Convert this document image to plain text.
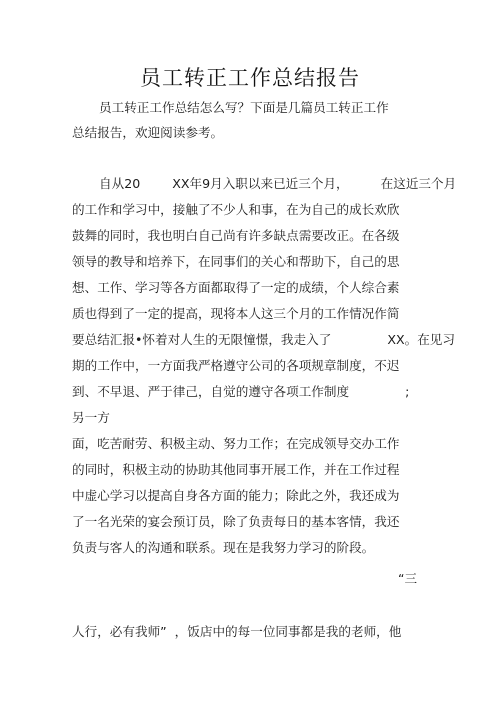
员工转正工作总结报告
员工转正工作总结怎么写？下面是几篇员工转正工作
总结报告，欢迎阅读参考。
自从20        XX年9月入职以来已近三个月，        在这近三个月
的工作和学习中，接触了不少人和事，在为自己的成长欢欣
鼓舞的同时，我也明白自己尚有许多缺点需要改正。在各级
领导的教导和培养下，在同事们的关心和帮助下，自己的思
想、工作、学习等各方面都取得了一定的成绩，个人综合素
质也得到了一定的提高，现将本人这三个月的工作情况作简
要总结汇报•怀着对人生的无限憧憬，我走入了              XX。在见习
期的工作中，一方面我严格遵守公司的各项规章制度，不迟
到、不早退、严于律己，自觉的遵守各项工作制度              ;
另一方
面，吃苦耐劳、积极主动、努力工作；在完成领导交办工作
的同时，积极主动的协助其他同事开展工作，并在工作过程
中虚心学习以提高自身各方面的能力；除此之外，我还成为
了一名光荣的宴会预订员，除了负责每日的基本客情，我还
负责与客人的沟通和联系。现在是我努力学习的阶段。
“三
人行，必有我师”  ，饭店中的每一位同事都是我的老师，他
